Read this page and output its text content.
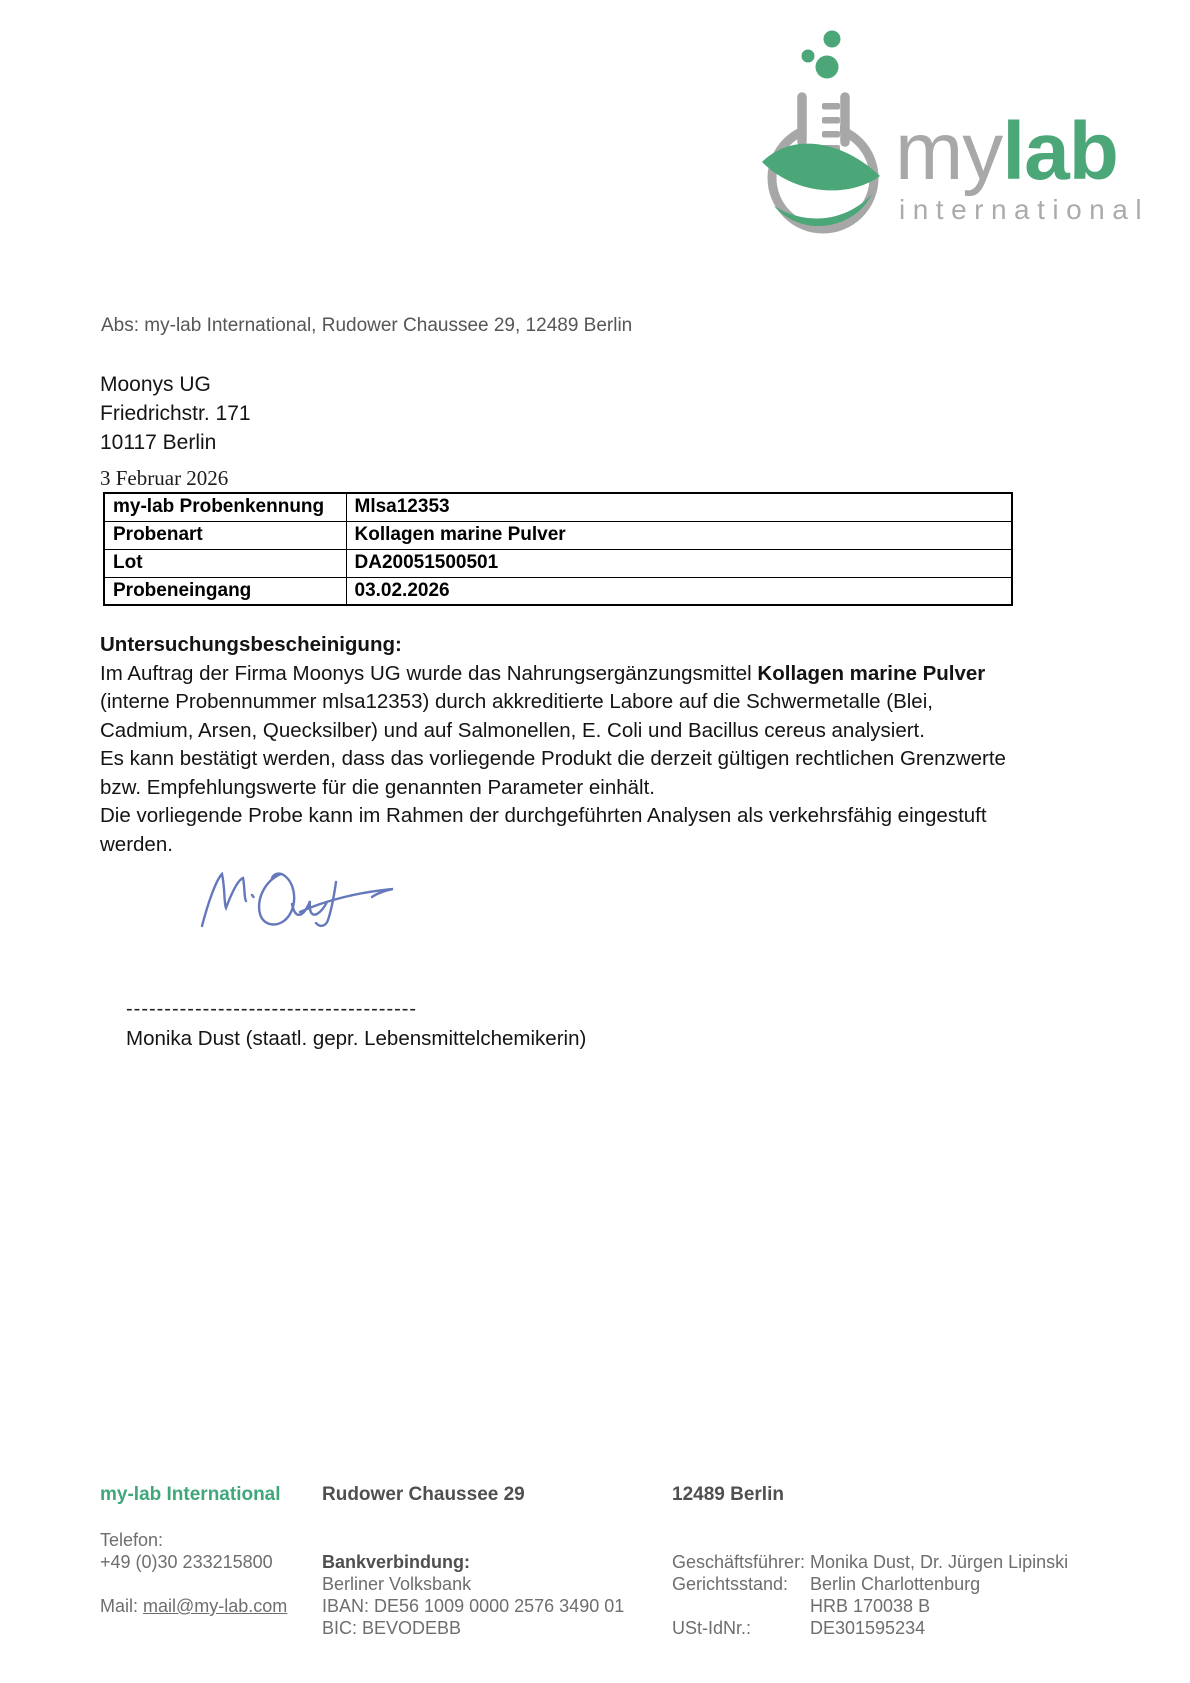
mylab
international
Abs: my-lab International, Rudower Chaussee 29, 12489 Berlin
Moonys UG
Friedrichstr. 171
10117 Berlin
3 Februar 2026
my-lab Probenkennung	Mlsa12353
Probenart	Kollagen marine Pulver
Lot	DA20051500501
Probeneingang	03.02.2026
Untersuchungsbescheinigung:
Im Auftrag der Firma Moonys UG wurde das Nahrungsergänzungsmittel Kollagen marine Pulver
(interne Probennummer mlsa12353) durch akkreditierte Labore auf die Schwermetalle (Blei,
Cadmium, Arsen, Quecksilber) und auf Salmonellen, E. Coli und Bacillus cereus analysiert.
Es kann bestätigt werden, dass das vorliegende Produkt die derzeit gültigen rechtlichen Grenzwerte
bzw. Empfehlungswerte für die genannten Parameter einhält.
Die vorliegende Probe kann im Rahmen der durchgeführten Analysen als verkehrsfähig eingestuft
werden.
--------------------------------------
Monika Dust (staatl. gepr. Lebensmittelchemikerin)
my-lab International Rudower Chaussee 29	12489 Berlin
Telefon:
+49 (0)30 233215800
Mail: mail@my-lab.com
Bankverbindung:
Berliner Volksbank
IBAN: DE56 1009 0000 2576 3490 01
BIC: BEVODEBB
Geschäftsführer: Monika Dust, Dr. Jürgen Lipinski
Gerichtsstand:	Berlin Charlottenburg
HRB 170038 B
USt-IdNr.:	DE301595234
